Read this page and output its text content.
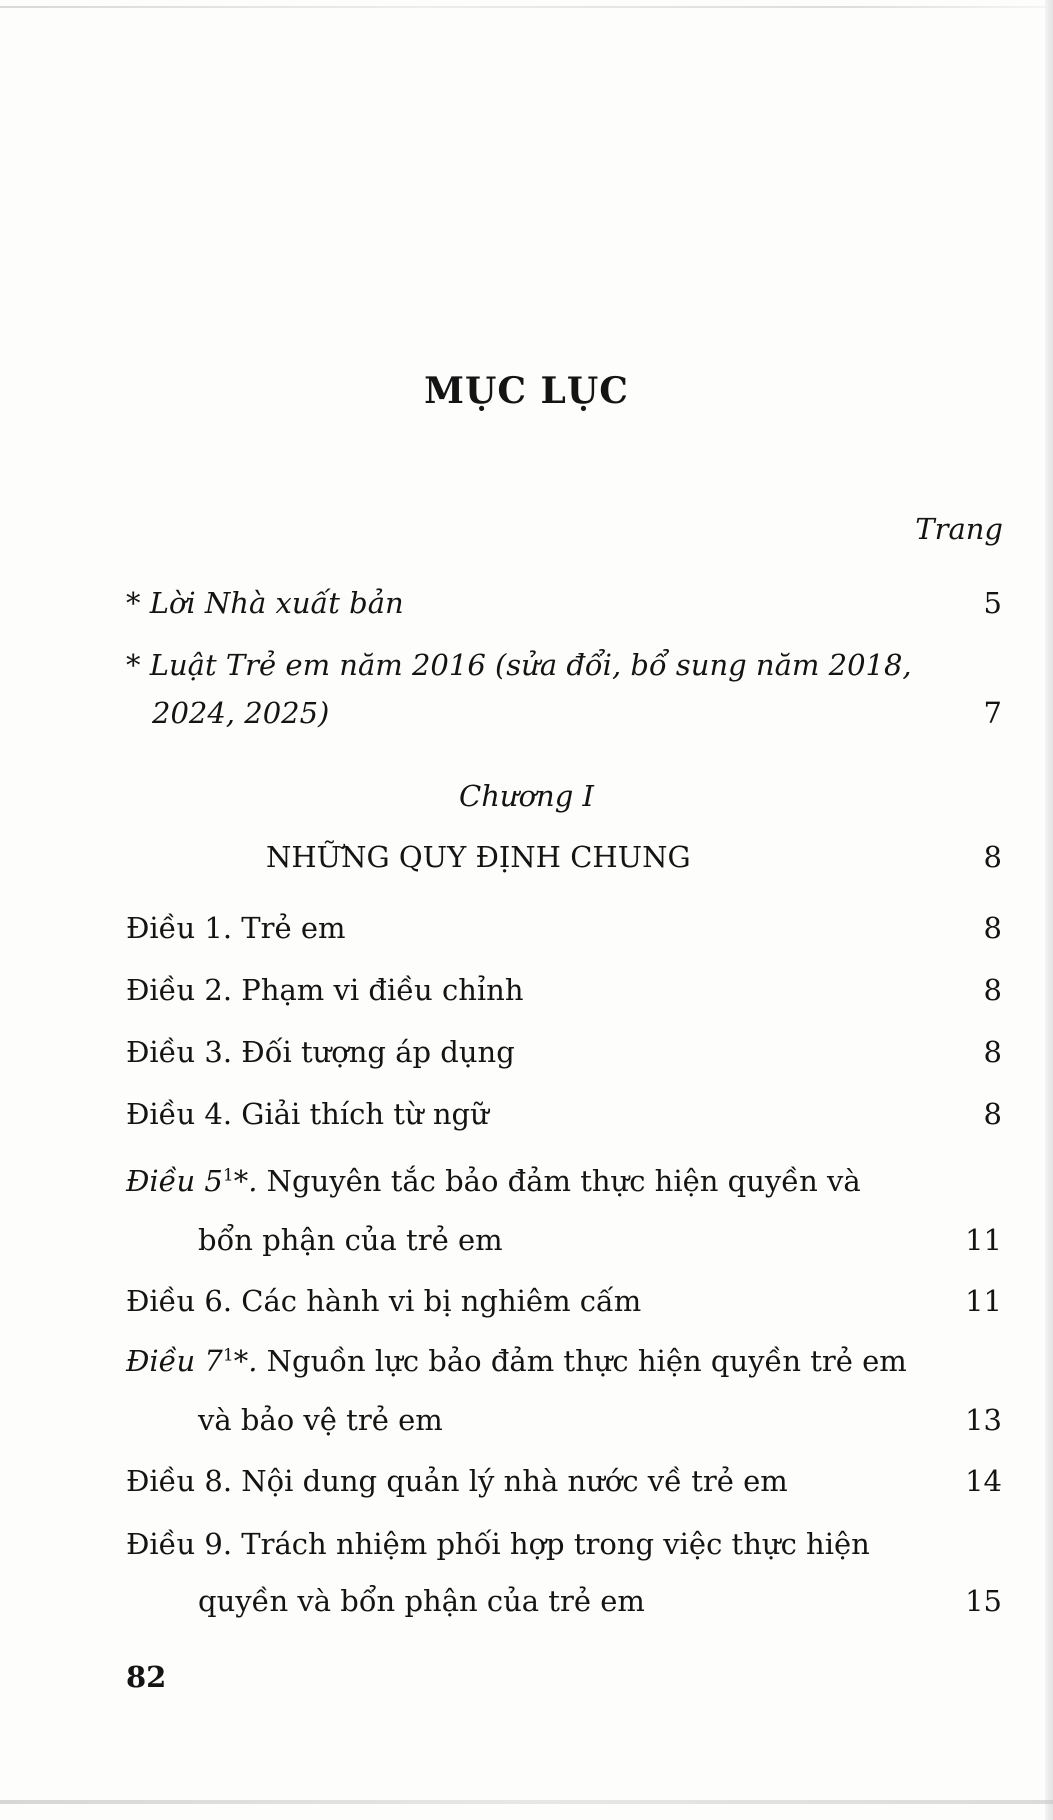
MỤC LỤC
Trang
* Lời Nhà xuất bản	5
* Luật Trẻ em năm 2016 (sửa đổi, bổ sung năm 2018,
2024, 2025)	7
Chương I
NHỮNG QUY ĐỊNH CHUNG	8
Điều 1. Trẻ em	8
Điều 2. Phạm vi điều chỉnh	8
Điều 3. Đối tượng áp dụng	8
Điều 4. Giải thích từ ngữ	8
Điều $5^1*$. Nguyên tắc bảo đảm thực hiện quyền và
bổn phận của trẻ em	11
Điều 6. Các hành vi bị nghiêm cấm	11
Điều $7^1*$. Nguồn lực bảo đảm thực hiện quyền trẻ em
và bảo vệ trẻ em	13
Điều 8. Nội dung quản lý nhà nước về trẻ em	14
Điều 9. Trách nhiệm phối hợp trong việc thực hiện
quyền và bổn phận của trẻ em	15
82
